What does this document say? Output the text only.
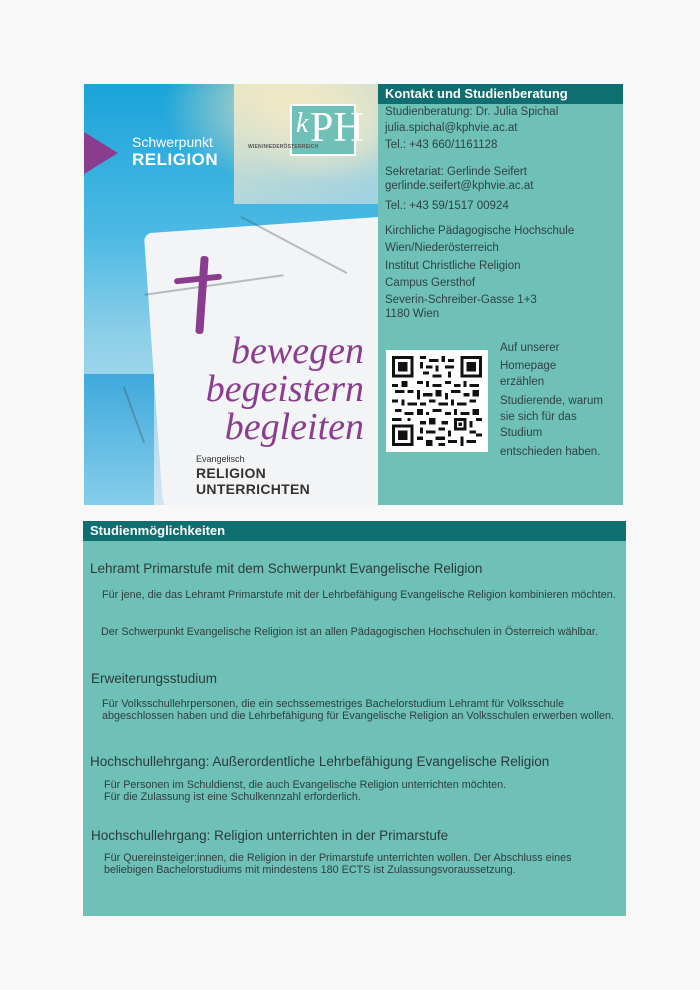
Schwerpunkt
RELIGION
k PH
WIEN/NIEDERÖSTERREICH
bewegen
begeistern
begleiten
Evangelisch
RELIGION UNTERRICHTEN
Kontakt und Studienberatung
Studienberatung: Dr. Julia Spichal
julia.spichal@kphvie.ac.at
Tel.: +43 660/1161128
Sekretariat: Gerlinde Seifert
gerlinde.seifert@kphvie.ac.at
Tel.: +43 59/1517 00924
Kirchliche Pädagogische Hochschule
Wien/Niederösterreich
Institut Christliche Religion
Campus Gersthof
Severin-Schreiber-Gasse 1+3
1180 Wien
Auf unserer
Homepage
erzählen
Studierende, warum
sie sich für das
Studium
entschieden haben.
Studienmöglichkeiten
Lehramt Primarstufe mit dem Schwerpunkt Evangelische Religion
Für jene, die das Lehramt Primarstufe mit der Lehrbefähigung Evangelische Religion kombinieren möchten.
Der Schwerpunkt Evangelische Religion ist an allen Pädagogischen Hochschulen in Österreich wählbar.
Erweiterungsstudium
Für Volksschullehrpersonen, die ein sechssemestriges Bachelorstudium Lehramt für Volksschule abgeschlossen haben und die Lehrbefähigung für Evangelische Religion an Volksschulen erwerben wollen.
Hochschullehrgang: Außerordentliche Lehrbefähigung Evangelische Religion
Für Personen im Schuldienst, die auch Evangelische Religion unterrichten möchten.
Für die Zulassung ist eine Schulkennzahl erforderlich.
Hochschullehrgang: Religion unterrichten in der Primarstufe
Für Quereinsteiger:innen, die Religion in der Primarstufe unterrichten wollen. Der Abschluss eines beliebigen Bachelorstudiums mit mindestens 180 ECTS ist Zulassungsvoraussetzung.
